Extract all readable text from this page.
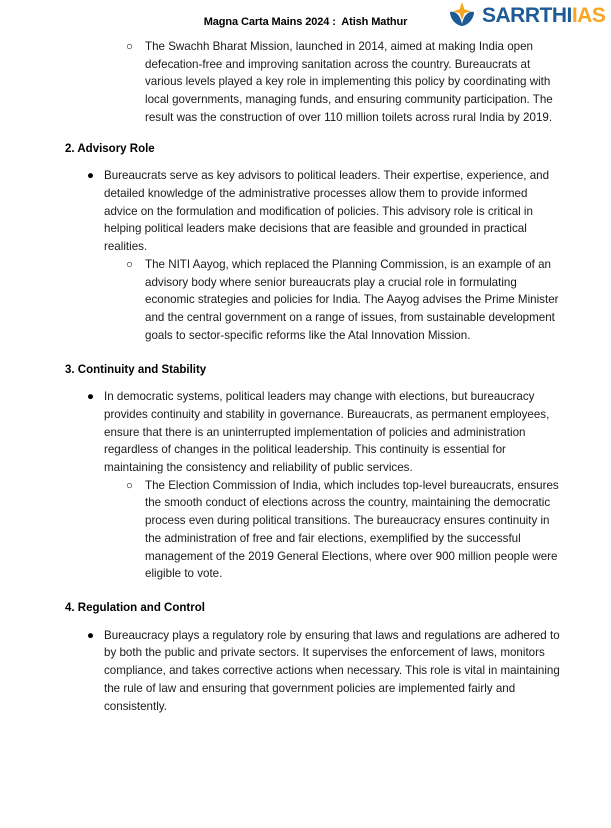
Magna Carta Mains 2024 :  Atish Mathur	SARRTHIIAS
○ The Swachh Bharat Mission, launched in 2014, aimed at making India open defecation-free and improving sanitation across the country. Bureaucrats at various levels played a key role in implementing this policy by coordinating with local governments, managing funds, and ensuring community participation. The result was the construction of over 110 million toilets across rural India by 2019.
2. Advisory Role
● Bureaucrats serve as key advisors to political leaders. Their expertise, experience, and detailed knowledge of the administrative processes allow them to provide informed advice on the formulation and modification of policies. This advisory role is critical in helping political leaders make decisions that are feasible and grounded in practical realities.
○ The NITI Aayog, which replaced the Planning Commission, is an example of an advisory body where senior bureaucrats play a crucial role in formulating economic strategies and policies for India. The Aayog advises the Prime Minister and the central government on a range of issues, from sustainable development goals to sector-specific reforms like the Atal Innovation Mission.
3. Continuity and Stability
● In democratic systems, political leaders may change with elections, but bureaucracy provides continuity and stability in governance. Bureaucrats, as permanent employees, ensure that there is an uninterrupted implementation of policies and administration regardless of changes in the political leadership. This continuity is essential for maintaining the consistency and reliability of public services.
○ The Election Commission of India, which includes top-level bureaucrats, ensures the smooth conduct of elections across the country, maintaining the democratic process even during political transitions. The bureaucracy ensures continuity in the administration of free and fair elections, exemplified by the successful management of the 2019 General Elections, where over 900 million people were eligible to vote.
4. Regulation and Control
● Bureaucracy plays a regulatory role by ensuring that laws and regulations are adhered to by both the public and private sectors. It supervises the enforcement of laws, monitors compliance, and takes corrective actions when necessary. This role is vital in maintaining the rule of law and ensuring that government policies are implemented fairly and consistently.
